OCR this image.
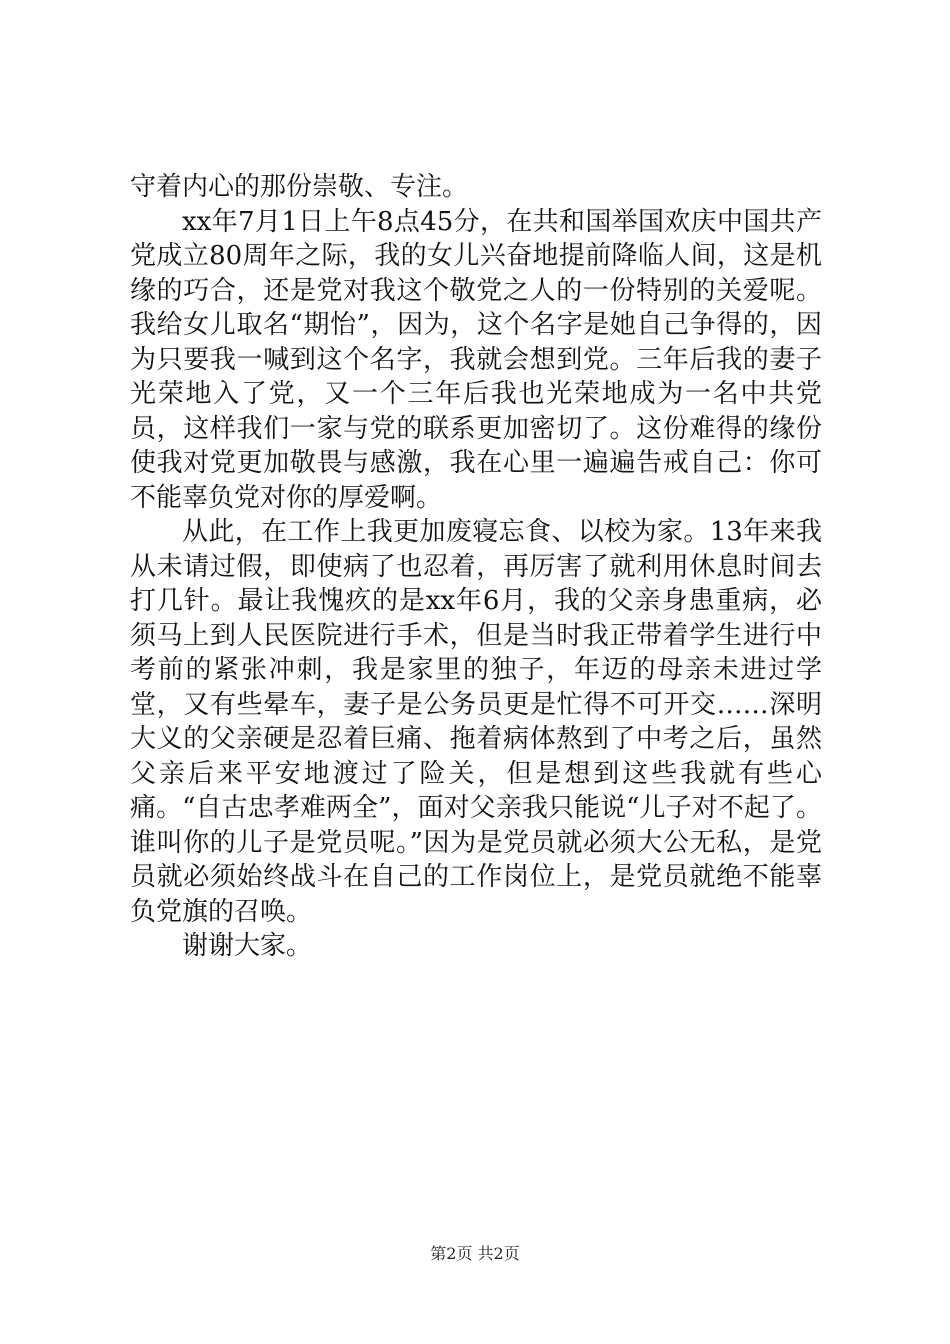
守着内心的那份崇敬、专注。

xx年7月1日上午8点45分，在共和国举国欢庆中国共产党成立80周年之际，我的女儿兴奋地提前降临人间，这是机缘的巧合，还是党对我这个敬党之人的一份特别的关爱呢。我给女儿取名“期怡”，因为，这个名字是她自己争得的，因为只要我一喊到这个名字，我就会想到党。三年后我的妻子光荣地入了党，又一个三年后我也光荣地成为一名中共党员，这样我们一家与党的联系更加密切了。这份难得的缘份使我对党更加敬畏与感激，我在心里一遍遍告戒自己：你可不能辜负党对你的厚爱啊。

从此，在工作上我更加废寝忘食、以校为家。13年来我从未请过假，即使病了也忍着，再厉害了就利用休息时间去打几针。最让我愧疚的是xx年6月，我的父亲身患重病，必须马上到人民医院进行手术，但是当时我正带着学生进行中考前的紧张冲刺，我是家里的独子，年迈的母亲未进过学堂，又有些晕车，妻子是公务员更是忙得不可开交……深明大义的父亲硬是忍着巨痛、拖着病体熬到了中考之后，虽然父亲后来平安地渡过了险关，但是想到这些我就有些心痛。“自古忠孝难两全”，面对父亲我只能说“儿子对不起了。谁叫你的儿子是党员呢。”因为是党员就必须大公无私，是党员就必须始终战斗在自己的工作岗位上，是党员就绝不能辜负党旗的召唤。

谢谢大家。

第2页 共2页
